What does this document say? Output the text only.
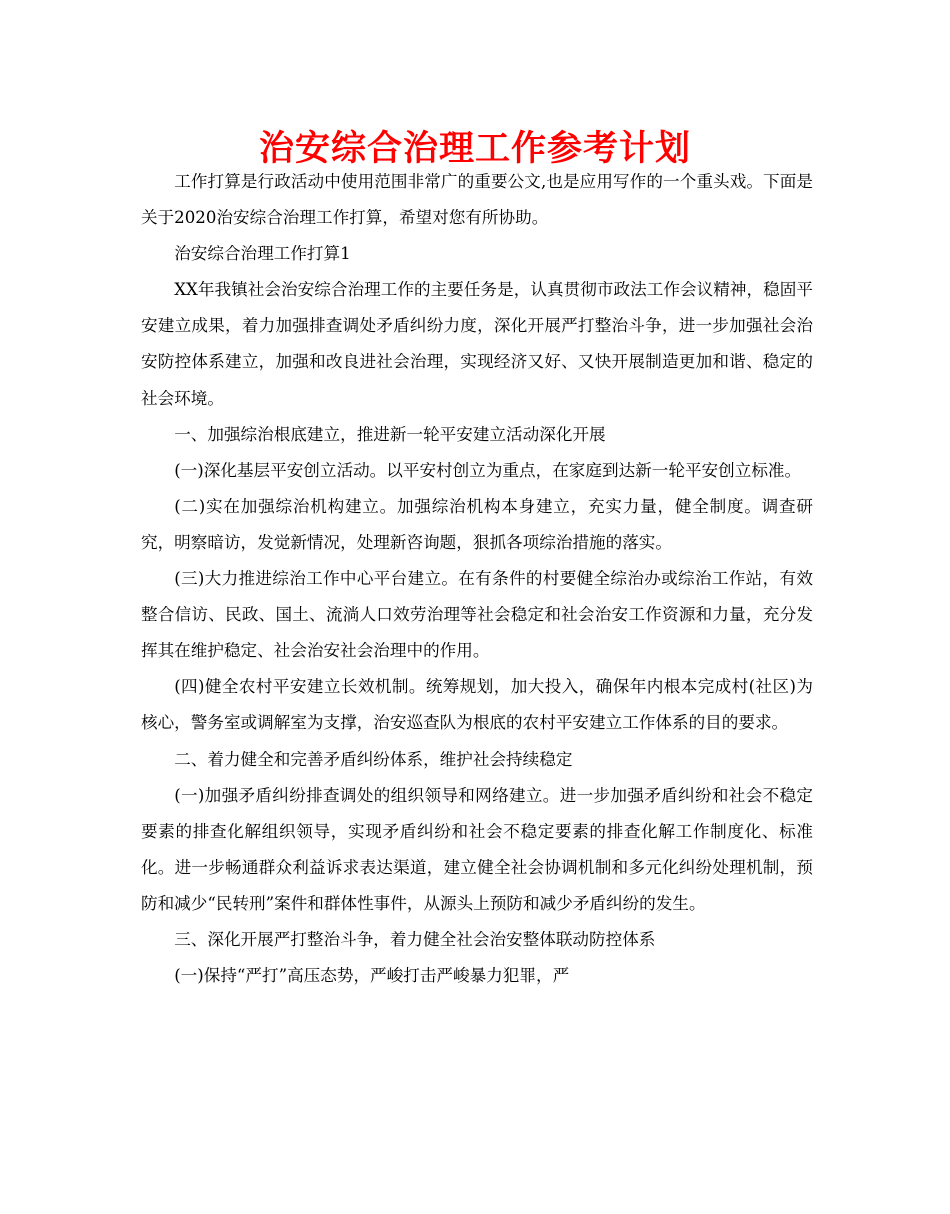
治安综合治理工作参考计划

工作打算是行政活动中使用范围非常广的重要公文,也是应用写作的一个重头戏。下面是关于2020治安综合治理工作打算，希望对您有所协助。

治安综合治理工作打算1

XX年我镇社会治安综合治理工作的主要任务是，认真贯彻市政法工作会议精神，稳固平安建立成果，着力加强排查调处矛盾纠纷力度，深化开展严打整治斗争，进一步加强社会治安防控体系建立，加强和改良进社会治理，实现经济又好、又快开展制造更加和谐、稳定的社会环境。

一、加强综治根底建立，推进新一轮平安建立活动深化开展

(一)深化基层平安创立活动。以平安村创立为重点，在家庭到达新一轮平安创立标准。

(二)实在加强综治机构建立。加强综治机构本身建立，充实力量，健全制度。调查研究，明察暗访，发觉新情况，处理新咨询题，狠抓各项综治措施的落实。

(三)大力推进综治工作中心平台建立。在有条件的村要健全综治办或综治工作站，有效整合信访、民政、国土、流淌人口效劳治理等社会稳定和社会治安工作资源和力量，充分发挥其在维护稳定、社会治安社会治理中的作用。

(四)健全农村平安建立长效机制。统筹规划，加大投入，确保年内根本完成村(社区)为核心，警务室或调解室为支撑，治安巡查队为根底的农村平安建立工作体系的目的要求。

二、着力健全和完善矛盾纠纷体系，维护社会持续稳定

(一)加强矛盾纠纷排查调处的组织领导和网络建立。进一步加强矛盾纠纷和社会不稳定要素的排查化解组织领导，实现矛盾纠纷和社会不稳定要素的排查化解工作制度化、标准化。进一步畅通群众利益诉求表达渠道，建立健全社会协调机制和多元化纠纷处理机制，预防和减少“民转刑”案件和群体性事件，从源头上预防和减少矛盾纠纷的发生。

三、深化开展严打整治斗争，着力健全社会治安整体联动防控体系

(一)保持“严打”高压态势，严峻打击严峻暴力犯罪，严
